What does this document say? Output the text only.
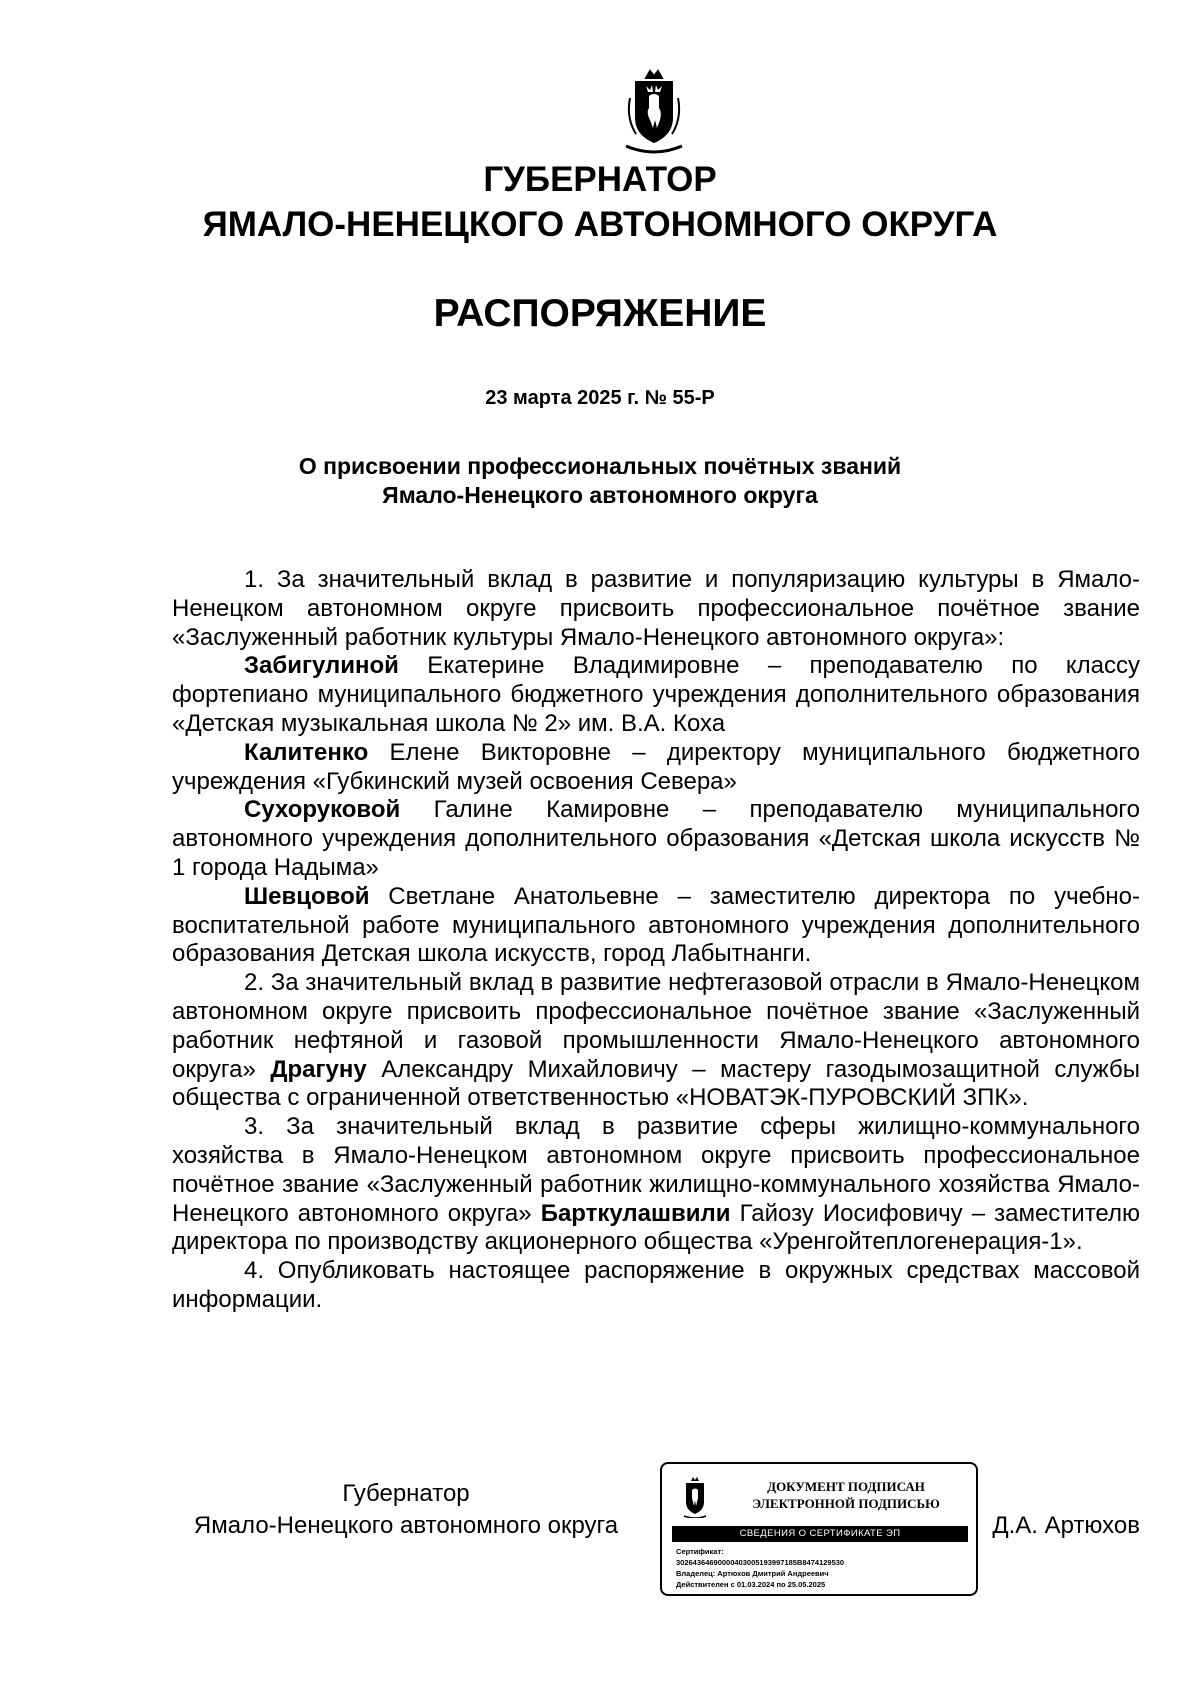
ГУБЕРНАТОР
ЯМАЛО-НЕНЕЦКОГО АВТОНОМНОГО ОКРУГА
РАСПОРЯЖЕНИЕ
23 марта 2025 г. № 55-Р
О присвоении профессиональных почётных званий
Ямало-Ненецкого автономного округа

1. За значительный вклад в развитие и популяризацию культуры в Ямало-Ненецком автономном округе присвоить профессиональное почётное звание «Заслуженный работник культуры Ямало-Ненецкого автономного округа»:

Забигулиной Екатерине Владимировне – преподавателю по классу фортепиано муниципального бюджетного учреждения дополнительного образования «Детская музыкальная школа № 2» им. В.А. Коха

Калитенко Елене Викторовне – директору муниципального бюджетного учреждения «Губкинский музей освоения Севера»

Сухоруковой Галине Камировне – преподавателю муниципального автономного учреждения дополнительного образования «Детская школа искусств № 1 города Надыма»

Шевцовой Светлане Анатольевне – заместителю директора по учебно-воспитательной работе муниципального автономного учреждения дополнительного образования Детская школа искусств, город Лабытнанги.

2. За значительный вклад в развитие нефтегазовой отрасли в Ямало-Ненецком автономном округе присвоить профессиональное почётное звание «Заслуженный работник нефтяной и газовой промышленности Ямало-Ненецкого автономного округа» Драгуну Александру Михайловичу – мастеру газодымозащитной службы общества с ограниченной ответственностью «НОВАТЭК-ПУРОВСКИЙ ЗПК».

3. За значительный вклад в развитие сферы жилищно-коммунального хозяйства в Ямало-Ненецком автономном округе присвоить профессиональное почётное звание «Заслуженный работник жилищно-коммунального хозяйства Ямало-Ненецкого автономного округа» Барткулашвили Гайозу Иосифовичу – заместителю директора по производству акционерного общества «Уренгойтеплогенерация-1».

4. Опубликовать настоящее распоряжение в окружных средствах массовой информации.

Губернатор
Ямало-Ненецкого автономного округа
ДОКУМЕНТ ПОДПИСАН
ЭЛЕКТРОННОЙ ПОДПИСЬЮ
СВЕДЕНИЯ О СЕРТИФИКАТЕ ЭП
Сертификат:
30264364690000403005193997185B8474129530
Владелец: Артюхов Дмитрий Андреевич
Действителен с 01.03.2024 по 25.05.2025
Д.А. Артюхов
